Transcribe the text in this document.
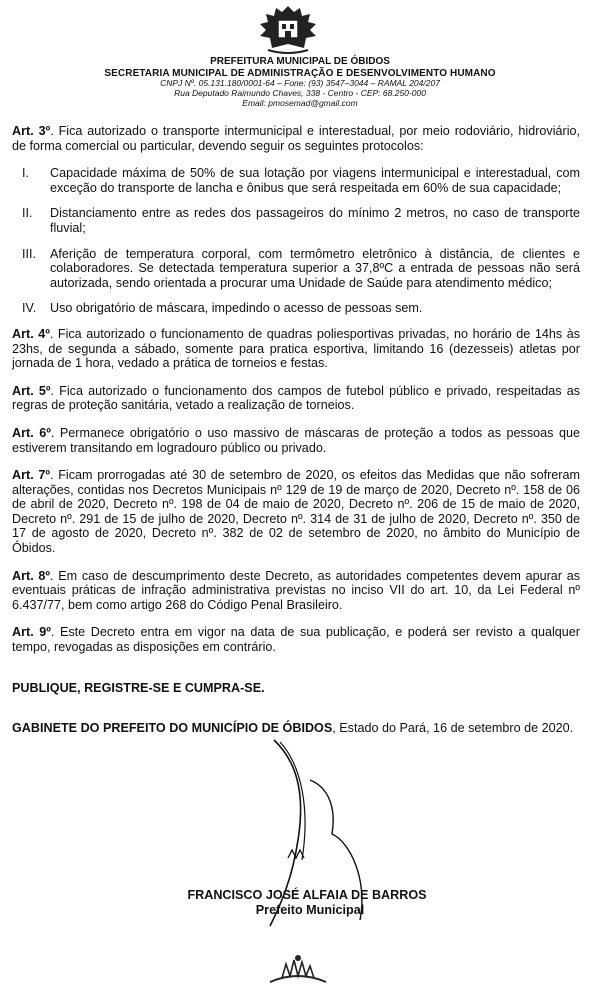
PREFEITURA MUNICIPAL DE ÓBIDOS
SECRETARIA MUNICIPAL DE ADMINISTRAÇÃO E DESENVOLVIMENTO HUMANO
CNPJ Nº. 05.131.180/0001-64 – Fone: (93) 3547–3044 – RAMAL 204/207
Rua Deputado Raimundo Chaves, 338 - Centro - CEP: 68.250-000
Email: pmosemad@gmail.com

Art. 3º. Fica autorizado o transporte intermunicipal e interestadual, por meio rodoviário, hidroviário, de forma comercial ou particular, devendo seguir os seguintes protocolos:

I.	Capacidade máxima de 50% de sua lotação por viagens intermunicipal e interestadual, com exceção do transporte de lancha e ônibus que será respeitada em 60% de sua capacidade;
II.	Distanciamento entre as redes dos passageiros do mínimo 2 metros, no caso de transporte fluvial;
III.	Aferição de temperatura corporal, com termômetro eletrônico à distância, de clientes e colaboradores. Se detectada temperatura superior a 37,8ºC a entrada de pessoas não será autorizada, sendo orientada a procurar uma Unidade de Saúde para atendimento médico;
IV.	Uso obrigatório de máscara, impedindo o acesso de pessoas sem.

Art. 4º. Fica autorizado o funcionamento de quadras poliesportivas privadas, no horário de 14hs às 23hs, de segunda a sábado, somente para pratica esportiva, limitando 16 (dezesseis) atletas por jornada de 1 hora, vedado a prática de torneios e festas.

Art. 5º. Fica autorizado o funcionamento dos campos de futebol público e privado, respeitadas as regras de proteção sanitária, vetado a realização de torneios.

Art. 6º. Permanece obrigatório o uso massivo de máscaras de proteção a todos as pessoas que estiverem transitando em logradouro público ou privado.

Art. 7º. Ficam prorrogadas até 30 de setembro de 2020, os efeitos das Medidas que não sofreram alterações, contidas nos Decretos Municipais nº 129 de 19 de março de 2020, Decreto nº. 158 de 06 de abril de 2020, Decreto nº. 198 de 04 de maio de 2020, Decreto nº. 206 de 15 de maio de 2020, Decreto nº. 291 de 15 de julho de 2020, Decreto nº. 314 de 31 de julho de 2020, Decreto nº. 350 de 17 de agosto de 2020, Decreto nº. 382 de 02 de setembro de 2020, no âmbito do Município de Óbidos.

Art. 8º. Em caso de descumprimento deste Decreto, as autoridades competentes devem apurar as eventuais práticas de infração administrativa previstas no inciso VII do art. 10, da Lei Federal nº 6.437/77, bem como artigo 268 do Código Penal Brasileiro.

Art. 9º. Este Decreto entra em vigor na data de sua publicação, e poderá ser revisto a qualquer tempo, revogadas as disposições em contrário.

PUBLIQUE, REGISTRE-SE E CUMPRA-SE.

GABINETE DO PREFEITO DO MUNICÍPIO DE ÓBIDOS, Estado do Pará, 16 de setembro de 2020.

FRANCISCO JOSÉ ALFAIA DE BARROS
Prefeito Municipal
